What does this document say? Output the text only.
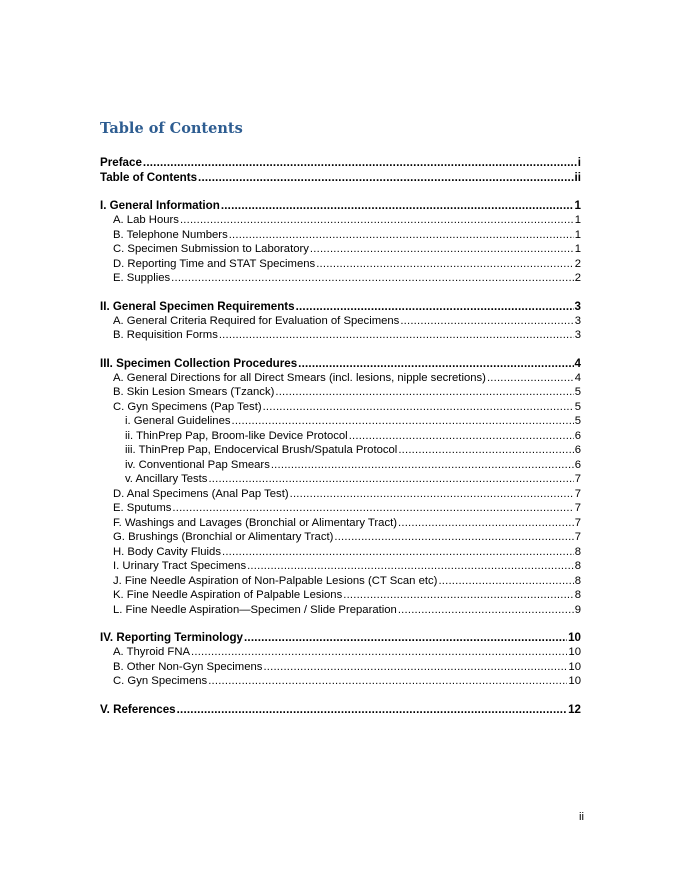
Table of Contents
Preface .....	i
Table of Contents .....	ii
I. General Information .....	1
A. Lab Hours .....	1
B. Telephone Numbers .....	1
C. Specimen Submission to Laboratory .....	1
D. Reporting Time and STAT Specimens .....	2
E. Supplies .....	2
II. General Specimen Requirements .....	3
A. General Criteria Required for Evaluation of Specimens .....	3
B. Requisition Forms .....	3
III. Specimen Collection Procedures .....	4
A. General Directions for all Direct Smears (incl. lesions, nipple secretions) .....	4
B. Skin Lesion Smears (Tzanck) .....	5
C. Gyn Specimens (Pap Test) .....	5
i. General Guidelines .....	5
ii. ThinPrep Pap, Broom-like Device Protocol .....	6
iii. ThinPrep Pap, Endocervical Brush/Spatula Protocol .....	6
iv. Conventional Pap Smears .....	6
v. Ancillary Tests .....	7
D. Anal Specimens (Anal Pap Test) .....	7
E. Sputums .....	7
F. Washings and Lavages (Bronchial or Alimentary Tract) .....	7
G. Brushings (Bronchial or Alimentary Tract) .....	7
H. Body Cavity Fluids .....	8
I. Urinary Tract Specimens .....	8
J. Fine Needle Aspiration of Non-Palpable Lesions (CT Scan etc) .....	8
K. Fine Needle Aspiration of Palpable Lesions .....	8
L. Fine Needle Aspiration—Specimen / Slide Preparation .....	9
IV. Reporting Terminology .....	10
A. Thyroid FNA .....	10
B. Other Non-Gyn Specimens .....	10
C. Gyn Specimens .....	10
V. References .....	12
ii
